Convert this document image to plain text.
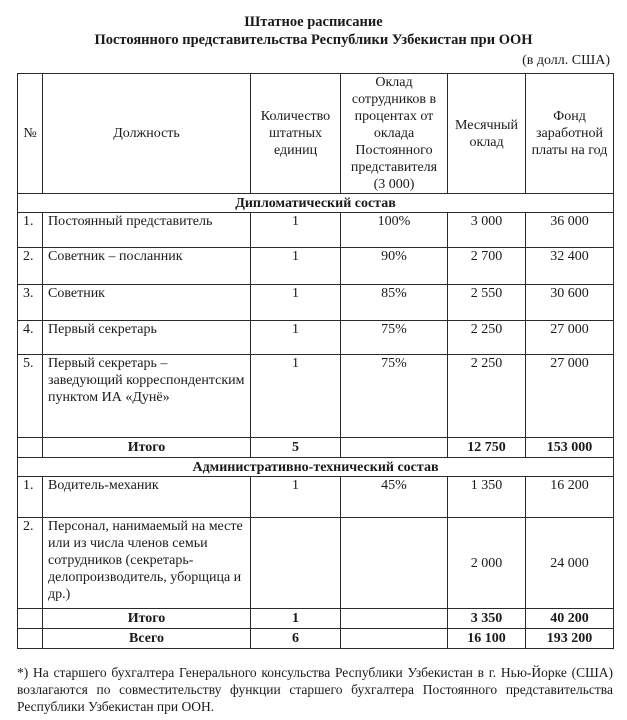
Штатное расписание
Постоянного представительства Республики Узбекистан при ООН
(в долл. США)
№	Должность	Количество штатных единиц	Оклад сотрудников в процентах от оклада Постоянного представителя (3 000)	Месячный оклад	Фонд заработной платы на год
Дипломатический состав					
1.	Постоянный представитель	1	100%	3 000	36 000
2.	Советник – посланник	1	90%	2 700	32 400
3.	Советник	1	85%	2 550	30 600
4.	Первый секретарь	1	75%	2 250	27 000
5.	Первый секретарь – заведующий корреспондентским пунктом ИА «Дунё»	1	75%	2 250	27 000
	Итого	5		12 750	153 000
Административно-технический состав					
1.	Водитель-механик	1	45%	1 350	16 200
2.	Персонал, нанимаемый на месте или из числа членов семьи сотрудников (секретарь-делопроизводитель, уборщица и др.)			2 000	24 000
	Итого	1		3 350	40 200
	Всего	6		16 100	193 200
*) На старшего бухгалтера Генерального консульства Республики Узбекистан в г. Нью-Йорке (США) возлагаются по совместительству функции старшего бухгалтера Постоянного представительства Республики Узбекистан при ООН.
